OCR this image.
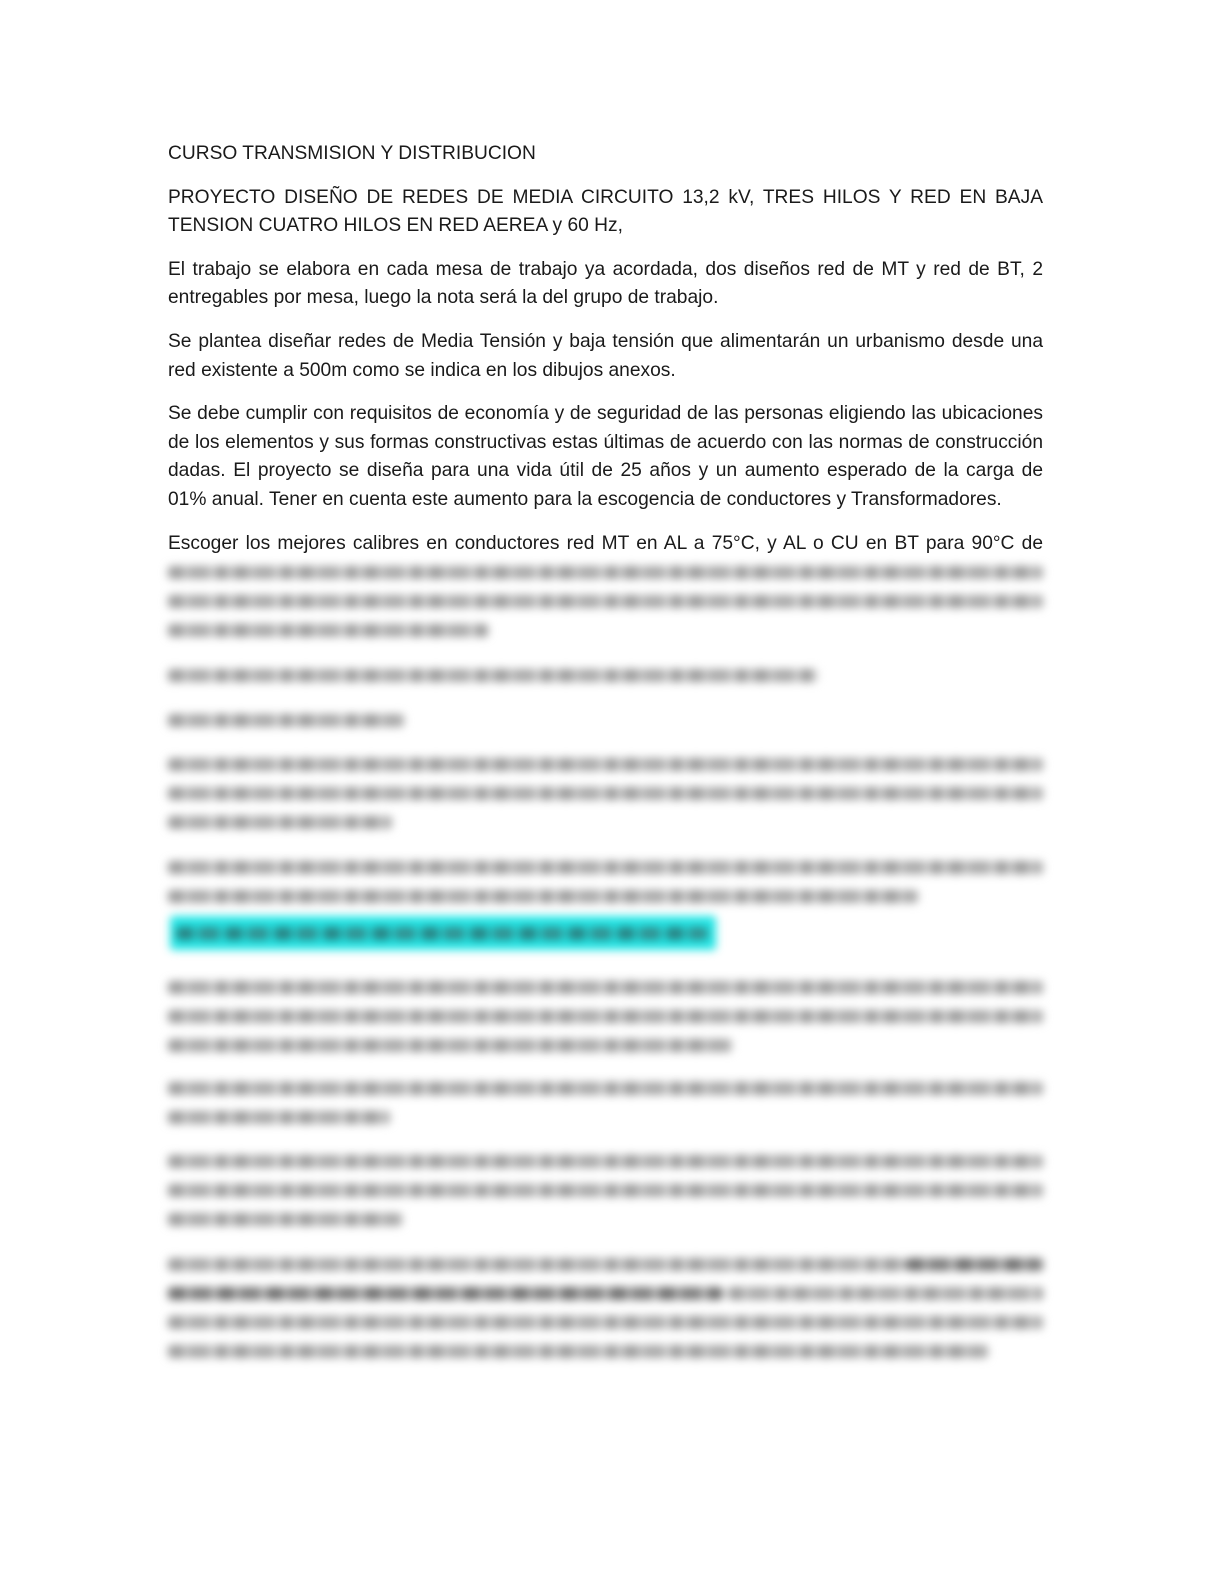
CURSO TRANSMISION Y DISTRIBUCION

PROYECTO DISEÑO DE REDES DE MEDIA CIRCUITO 13,2 kV, TRES HILOS Y RED EN BAJA TENSION CUATRO HILOS EN RED AEREA y 60 Hz,

El trabajo se elabora en cada mesa de trabajo ya acordada, dos diseños red de MT y red de BT, 2 entregables por mesa, luego la nota será la del grupo de trabajo.

Se plantea diseñar redes de Media Tensión y baja tensión que alimentarán un urbanismo desde una red existente a 500m como se indica en los dibujos anexos.

Se debe cumplir con requisitos de economía y de seguridad de las personas eligiendo las ubicaciones de los elementos y sus formas constructivas estas últimas de acuerdo con las normas de construcción dadas. El proyecto se diseña para una vida útil de 25 años y un aumento esperado de la carga de 01% anual. Tener en cuenta este aumento para la escogencia de conductores y Transformadores.

Escoger los mejores calibres en conductores red MT en AL a 75°C, y AL o CU en BT para 90°C de
